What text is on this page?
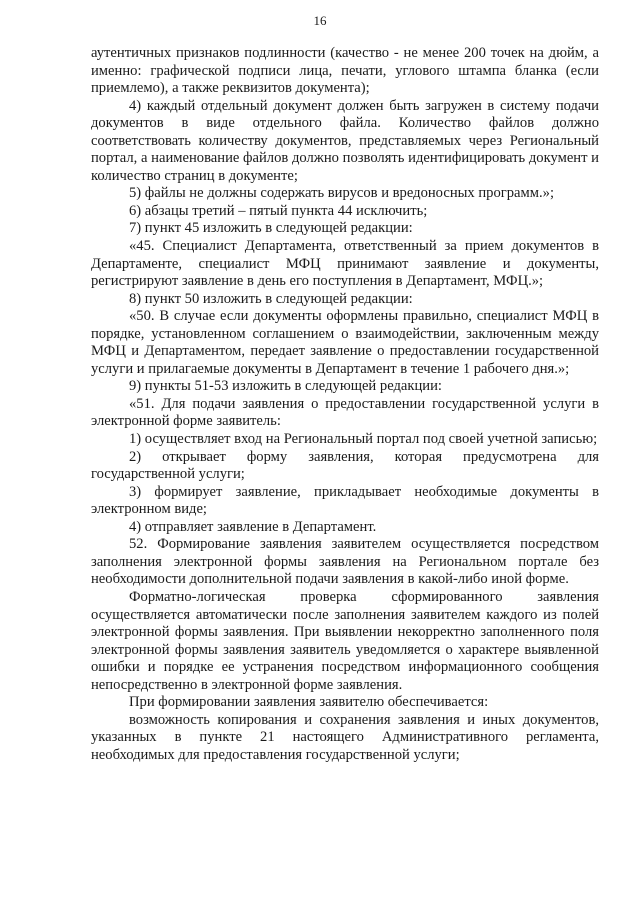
16

аутентичных признаков подлинности (качество - не менее 200 точек на дюйм, а именно: графической подписи лица, печати, углового штампа бланка (если приемлемо), а также реквизитов документа);

4) каждый отдельный документ должен быть загружен в систему подачи документов в виде отдельного файла. Количество файлов должно соответствовать количеству документов, представляемых через Региональный портал, а наименование файлов должно позволять идентифицировать документ и количество страниц в документе;

5) файлы не должны содержать вирусов и вредоносных программ.»;

6) абзацы третий – пятый пункта 44 исключить;

7) пункт 45 изложить в следующей редакции:

«45. Специалист Департамента, ответственный за прием документов в Департаменте, специалист МФЦ принимают заявление и документы, регистрируют заявление в день его поступления в Департамент, МФЦ.»;

8) пункт 50 изложить в следующей редакции:

«50. В случае если документы оформлены правильно, специалист МФЦ в порядке, установленном соглашением о взаимодействии, заключенным между МФЦ и Департаментом, передает заявление о предоставлении государственной услуги и прилагаемые документы в Департамент в течение 1 рабочего дня.»;

9) пункты 51-53 изложить в следующей редакции:

«51. Для подачи заявления о предоставлении государственной услуги в электронной форме заявитель:

1) осуществляет вход на Региональный портал под своей учетной записью;

2) открывает форму заявления, которая предусмотрена для государственной услуги;

3) формирует заявление, прикладывает необходимые документы в электронном виде;

4) отправляет заявление в Департамент.

52. Формирование заявления заявителем осуществляется посредством заполнения электронной формы заявления на Региональном портале без необходимости дополнительной подачи заявления в какой-либо иной форме.

Форматно-логическая проверка сформированного заявления осуществляется автоматически после заполнения заявителем каждого из полей электронной формы заявления. При выявлении некорректно заполненного поля электронной формы заявления заявитель уведомляется о характере выявленной ошибки и порядке ее устранения посредством информационного сообщения непосредственно в электронной форме заявления.

При формировании заявления заявителю обеспечивается:

возможность копирования и сохранения заявления и иных документов, указанных в пункте 21 настоящего Административного регламента, необходимых для предоставления государственной услуги;
